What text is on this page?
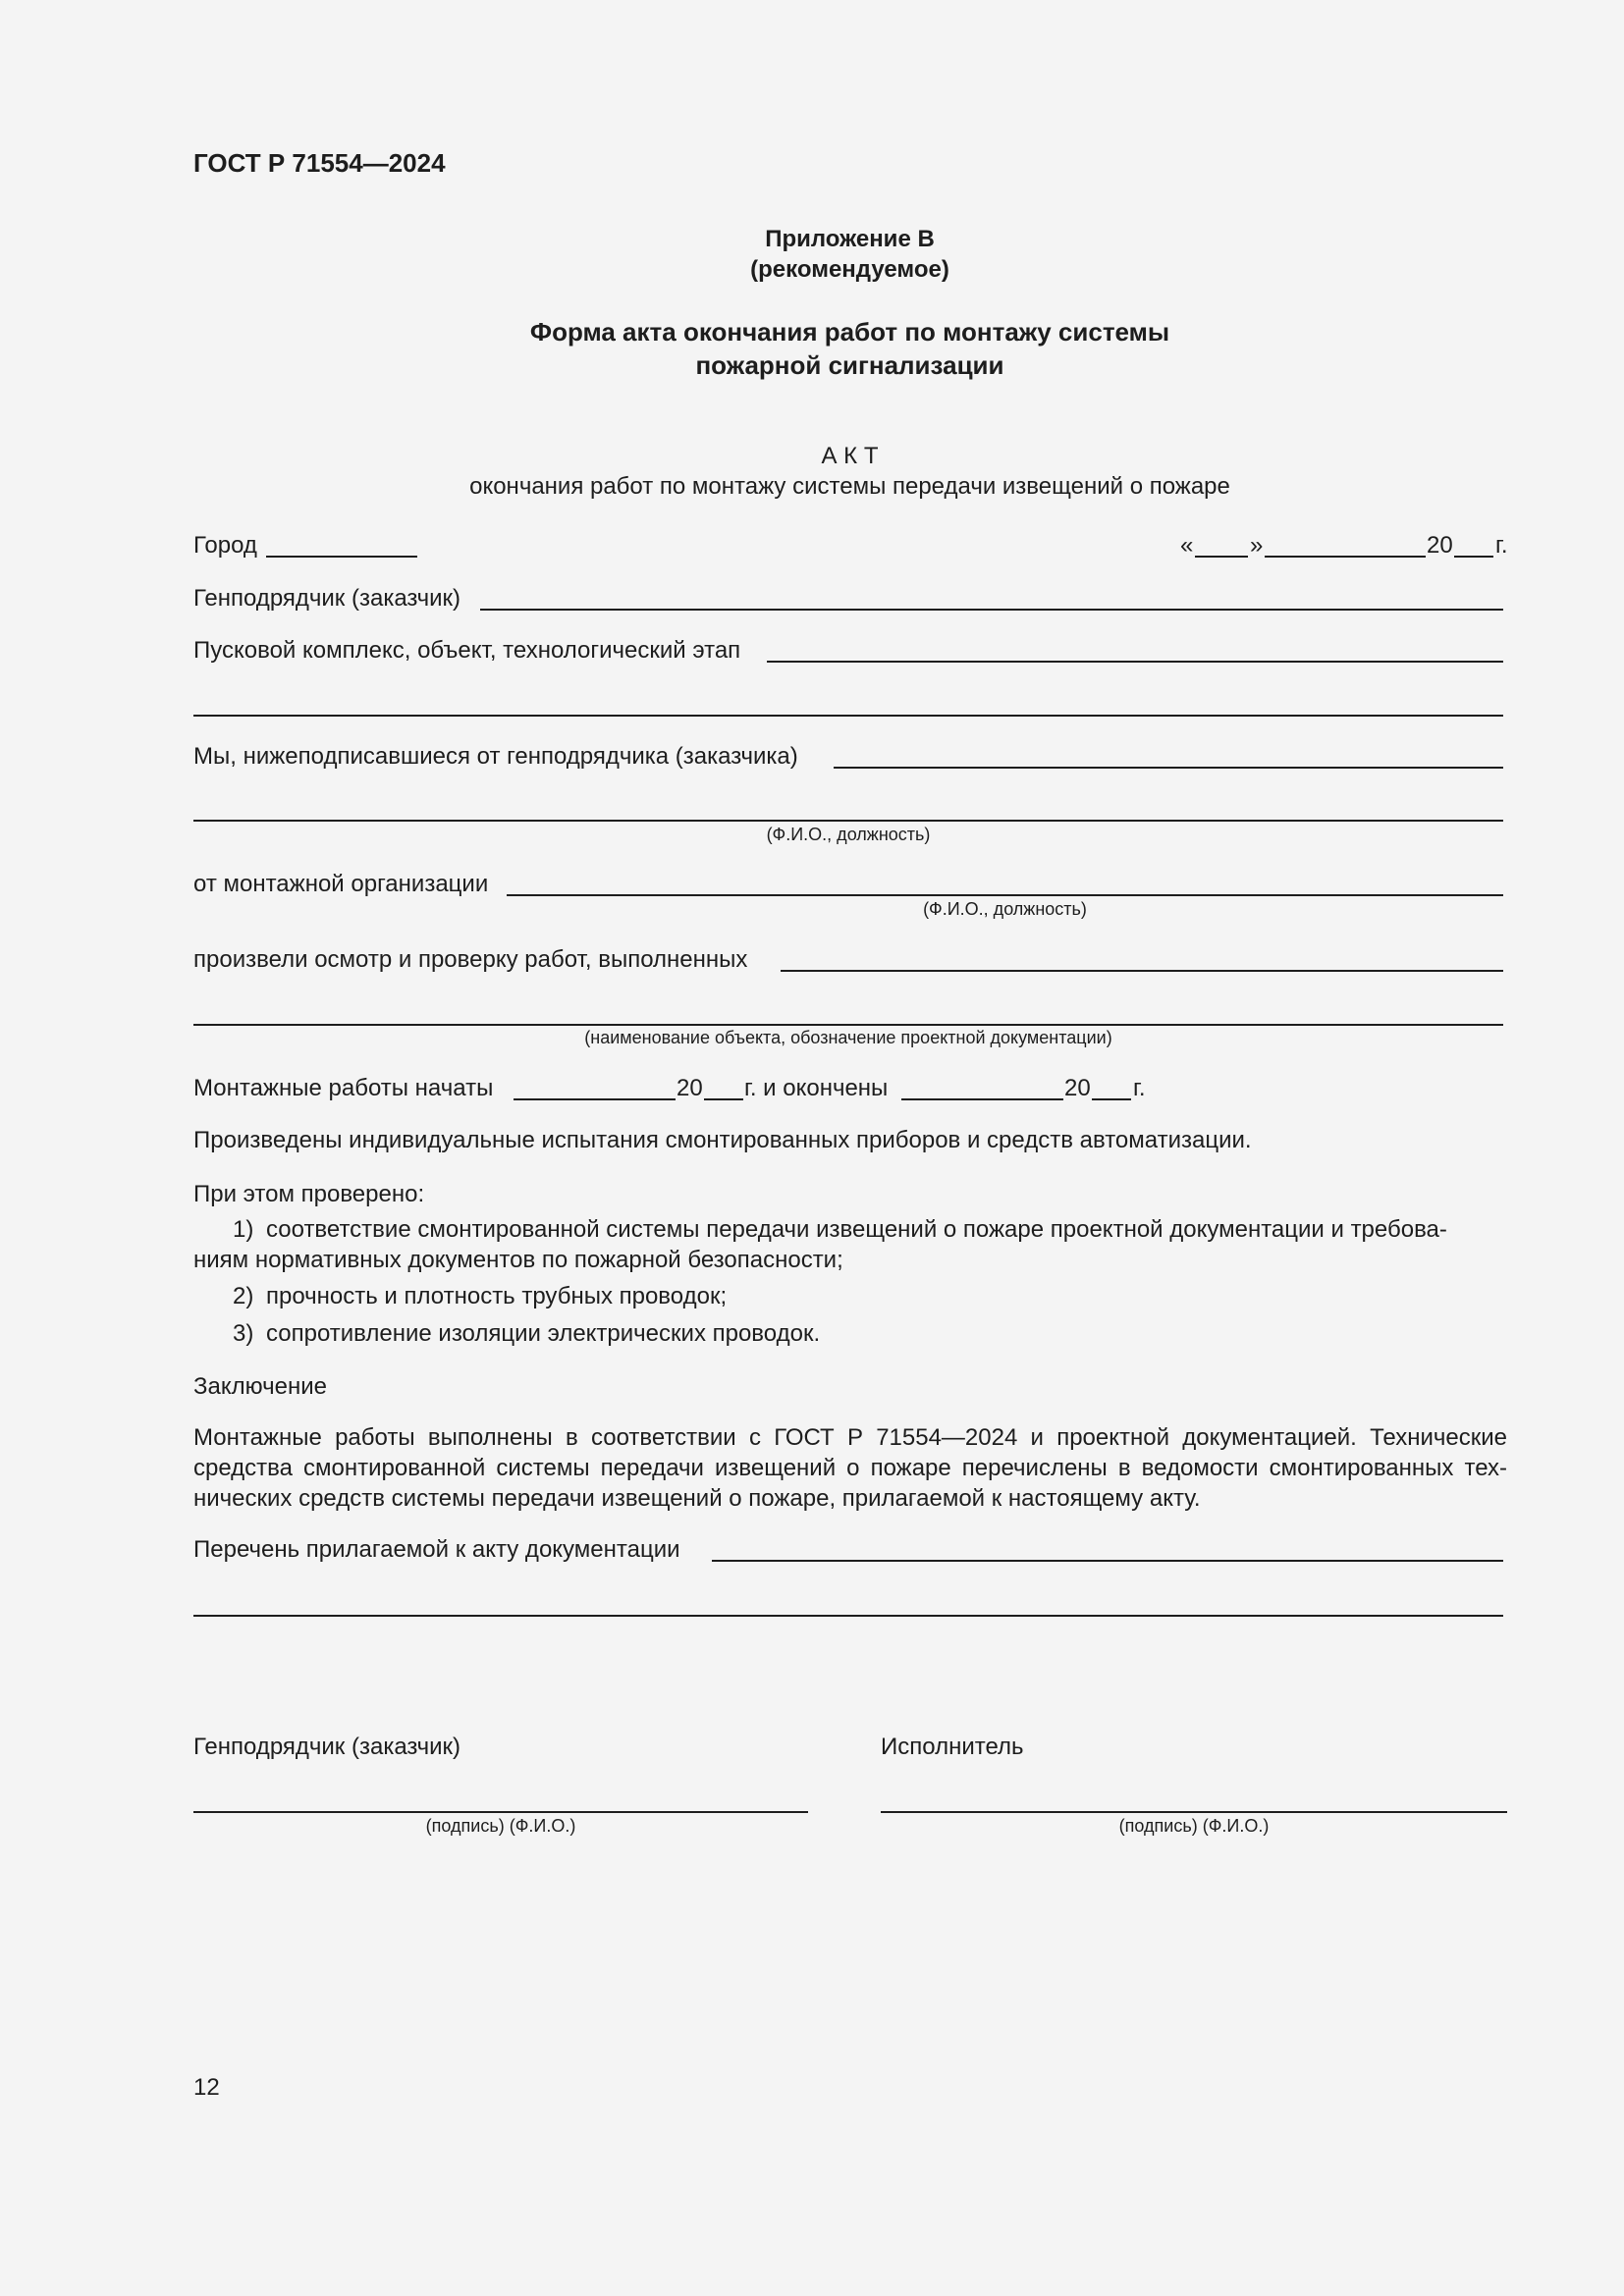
ГОСТ Р 71554—2024
Приложение В
(рекомендуемое)
Форма акта окончания работ по монтажу системы
пожарной сигнализации
А К Т
окончания работ по монтажу системы передачи извещений о пожаре
Город	« »	20 г.
Генподрядчик (заказчик)
Пусковой комплекс, объект, технологический этап
Мы, нижеподписавшиеся от генподрядчика (заказчика)
(Ф.И.О., должность)
от монтажной организации
(Ф.И.О., должность)
произвели осмотр и проверку работ, выполненных
(наименование объекта, обозначение проектной документации)
Монтажные работы начаты	20 г. и окончены	20 г.
Произведены индивидуальные испытания смонтированных приборов и средств автоматизации.
При этом проверено:
1) соответствие смонтированной системы передачи извещений о пожаре проектной документации и требова-
ниям нормативных документов по пожарной безопасности;
2) прочность и плотность трубных проводок;
3) сопротивление изоляции электрических проводок.
Заключение
Монтажные работы выполнены в соответствии с ГОСТ Р 71554—2024 и проектной документацией. Технические средства смонтированной системы передачи извещений о пожаре перечислены в ведомости смонтированных тех-нических средств системы передачи извещений о пожаре, прилагаемой к настоящему акту.
Перечень прилагаемой к акту документации
Генподрядчик (заказчик)
(подпись) (Ф.И.О.)
Исполнитель
(подпись) (Ф.И.О.)
12
